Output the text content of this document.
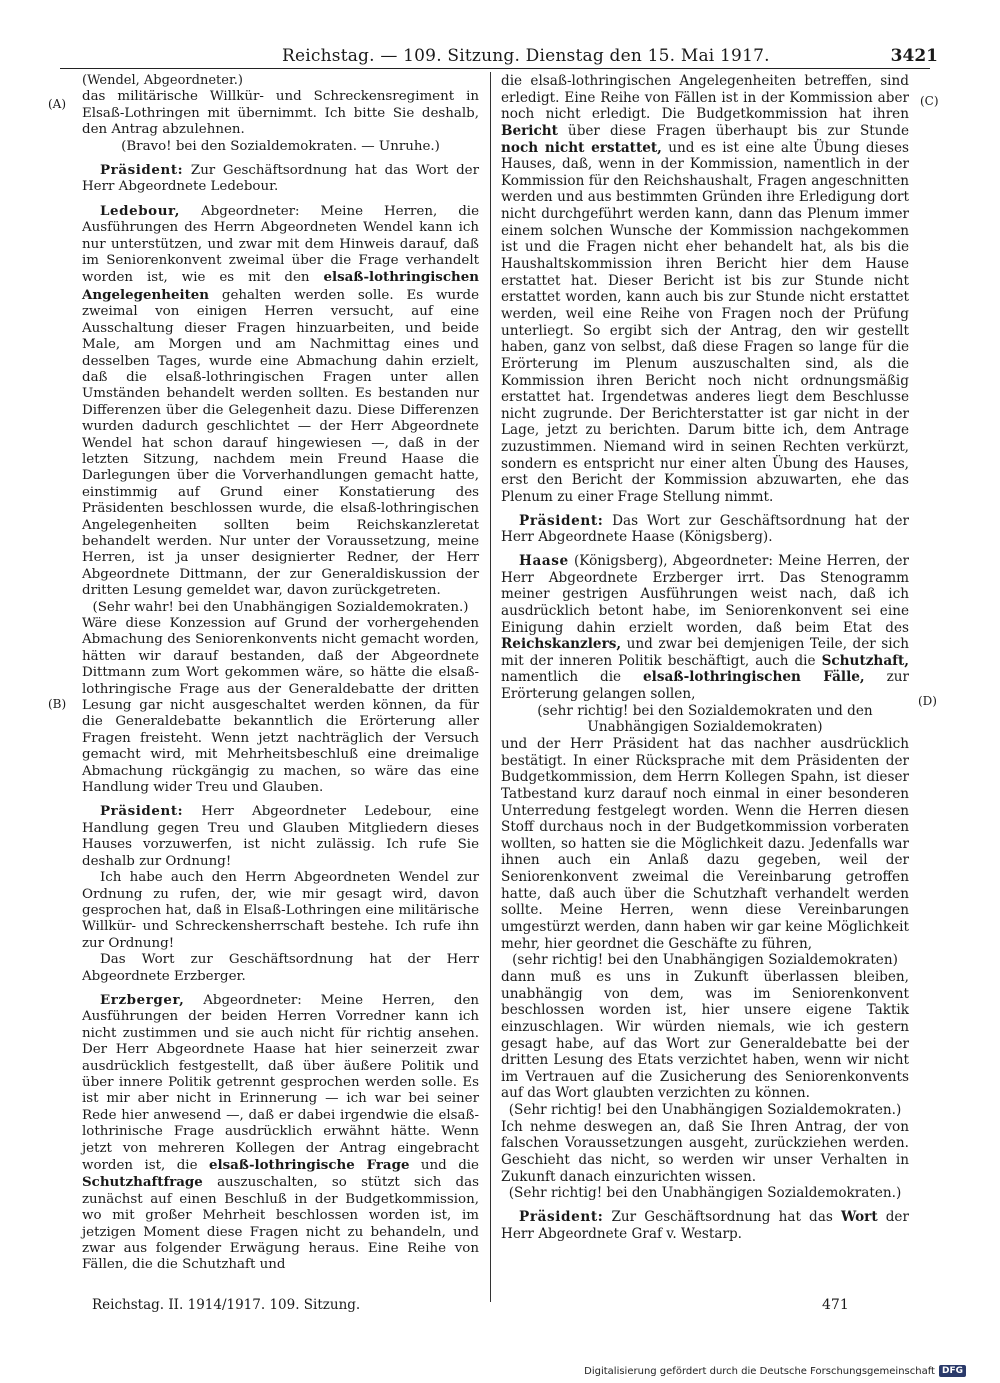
Reichstag. — 109. Sitzung. Dienstag den 15. Mai 1917.	3421
(A)
(B)
(C)
(D)

(Wendel, Abgeordneter.)

das militärische Willkür- und Schreckensregiment in Elsaß-Lothringen mit übernimmt. Ich bitte Sie deshalb, den Antrag abzulehnen.

(Bravo! bei den Sozialdemokraten. — Unruhe.)

Präsident: Zur Geschäftsordnung hat das Wort der Herr Abgeordnete Ledebour.

Ledebour, Abgeordneter: Meine Herren, die Ausführungen des Herrn Abgeordneten Wendel kann ich nur unterstützen, und zwar mit dem Hinweis darauf, daß im Seniorenkonvent zweimal über die Frage verhandelt worden ist, wie es mit den elsaß-lothringischen Angelegenheiten gehalten werden solle. Es wurde zweimal von einigen Herren versucht, auf eine Ausschaltung dieser Fragen hinzuarbeiten, und beide Male, am Morgen und am Nachmittag eines und desselben Tages, wurde eine Abmachung dahin erzielt, daß die elsaß-lothringischen Fragen unter allen Umständen behandelt werden sollten. Es bestanden nur Differenzen über die Gelegenheit dazu. Diese Differenzen wurden dadurch geschlichtet — der Herr Abgeordnete Wendel hat schon darauf hingewiesen —, daß in der letzten Sitzung, nachdem mein Freund Haase die Darlegungen über die Vorverhandlungen gemacht hatte, einstimmig auf Grund einer Konstatierung des Präsidenten beschlossen wurde, die elsaß-lothringischen Angelegenheiten sollten beim Reichskanzleretat behandelt werden. Nur unter der Voraussetzung, meine Herren, ist ja unser designierter Redner, der Herr Abgeordnete Dittmann, der zur Generaldiskussion der dritten Lesung gemeldet war, davon zurückgetreten.

(Sehr wahr! bei den Unabhängigen Sozialdemokraten.)

Wäre diese Konzession auf Grund der vorhergehenden Abmachung des Seniorenkonvents nicht gemacht worden, hätten wir darauf bestanden, daß der Abgeordnete Dittmann zum Wort gekommen wäre, so hätte die elsaß-lothringische Frage aus der Generaldebatte der dritten Lesung gar nicht ausgeschaltet werden können, da für die Generaldebatte bekanntlich die Erörterung aller Fragen freisteht. Wenn jetzt nachträglich der Versuch gemacht wird, mit Mehrheitsbeschluß eine dreimalige Abmachung rückgängig zu machen, so wäre das eine Handlung wider Treu und Glauben.

Präsident: Herr Abgeordneter Ledebour, eine Handlung gegen Treu und Glauben Mitgliedern dieses Hauses vorzuwerfen, ist nicht zulässig. Ich rufe Sie deshalb zur Ordnung!

Ich habe auch den Herrn Abgeordneten Wendel zur Ordnung zu rufen, der, wie mir gesagt wird, davon gesprochen hat, daß in Elsaß-Lothringen eine militärische Willkür- und Schreckensherrschaft bestehe. Ich rufe ihn zur Ordnung!

Das Wort zur Geschäftsordnung hat der Herr Abgeordnete Erzberger.

Erzberger, Abgeordneter: Meine Herren, den Ausführungen der beiden Herren Vorredner kann ich nicht zustimmen und sie auch nicht für richtig ansehen. Der Herr Abgeordnete Haase hat hier seinerzeit zwar ausdrücklich festgestellt, daß über äußere Politik und über innere Politik getrennt gesprochen werden solle. Es ist mir aber nicht in Erinnerung — ich war bei seiner Rede hier anwesend —, daß er dabei irgendwie die elsaß-lothrinische Frage ausdrücklich erwähnt hätte. Wenn jetzt von mehreren Kollegen der Antrag eingebracht worden ist, die elsaß-lothringische Frage und die Schutzhaftfrage auszuschalten, so stützt sich das zunächst auf einen Beschluß in der Budgetkommission, wo mit großer Mehrheit beschlossen worden ist, im jetzigen Moment diese Fragen nicht zu behandeln, und zwar aus folgender Erwägung heraus. Eine Reihe von Fällen, die die Schutzhaft und

die elsaß-lothringischen Angelegenheiten betreffen, sind erledigt. Eine Reihe von Fällen ist in der Kommission aber noch nicht erledigt. Die Budgetkommission hat ihren Bericht über diese Fragen überhaupt bis zur Stunde noch nicht erstattet, und es ist eine alte Übung dieses Hauses, daß, wenn in der Kommission, namentlich in der Kommission für den Reichshaushalt, Fragen angeschnitten werden und aus bestimmten Gründen ihre Erledigung dort nicht durchgeführt werden kann, dann das Plenum immer einem solchen Wunsche der Kommission nachgekommen ist und die Fragen nicht eher behandelt hat, als bis die Haushaltskommission ihren Bericht hier dem Hause erstattet hat. Dieser Bericht ist bis zur Stunde nicht erstattet worden, kann auch bis zur Stunde nicht erstattet werden, weil eine Reihe von Fragen noch der Prüfung unterliegt. So ergibt sich der Antrag, den wir gestellt haben, ganz von selbst, daß diese Fragen so lange für die Erörterung im Plenum auszuschalten sind, als die Kommission ihren Bericht noch nicht ordnungsmäßig erstattet hat. Irgendetwas anderes liegt dem Beschlusse nicht zugrunde. Der Berichterstatter ist gar nicht in der Lage, jetzt zu berichten. Darum bitte ich, dem Antrage zuzustimmen. Niemand wird in seinen Rechten verkürzt, sondern es entspricht nur einer alten Übung des Hauses, erst den Bericht der Kommission abzuwarten, ehe das Plenum zu einer Frage Stellung nimmt.

Präsident: Das Wort zur Geschäftsordnung hat der Herr Abgeordnete Haase (Königsberg).

Haase (Königsberg), Abgeordneter: Meine Herren, der Herr Abgeordnete Erzberger irrt. Das Stenogramm meiner gestrigen Ausführungen weist nach, daß ich ausdrücklich betont habe, im Seniorenkonvent sei eine Einigung dahin erzielt worden, daß beim Etat des Reichskanzlers, und zwar bei demjenigen Teile, der sich mit der inneren Politik beschäftigt, auch die Schutzhaft, namentlich die elsaß-lothringischen Fälle, zur Erörterung gelangen sollen,

(sehr richtig! bei den Sozialdemokraten und den Unabhängigen Sozialdemokraten)

und der Herr Präsident hat das nachher ausdrücklich bestätigt. In einer Rücksprache mit dem Präsidenten der Budgetkommission, dem Herrn Kollegen Spahn, ist dieser Tatbestand kurz darauf noch einmal in einer besonderen Unterredung festgelegt worden. Wenn die Herren diesen Stoff durchaus noch in der Budgetkommission vorberaten wollten, so hatten sie die Möglichkeit dazu. Jedenfalls war ihnen auch ein Anlaß dazu gegeben, weil der Seniorenkonvent zweimal die Vereinbarung getroffen hatte, daß auch über die Schutzhaft verhandelt werden sollte. Meine Herren, wenn diese Vereinbarungen umgestürzt werden, dann haben wir gar keine Möglichkeit mehr, hier geordnet die Geschäfte zu führen,

(sehr richtig! bei den Unabhängigen Sozialdemokraten)

dann muß es uns in Zukunft überlassen bleiben, unabhängig von dem, was im Seniorenkonvent beschlossen worden ist, hier unsere eigene Taktik einzuschlagen. Wir würden niemals, wie ich gestern gesagt habe, auf das Wort zur Generaldebatte bei der dritten Lesung des Etats verzichtet haben, wenn wir nicht im Vertrauen auf die Zusicherung des Seniorenkonvents auf das Wort glaubten verzichten zu können.

(Sehr richtig! bei den Unabhängigen Sozialdemokraten.)

Ich nehme deswegen an, daß Sie Ihren Antrag, der von falschen Voraussetzungen ausgeht, zurückziehen werden. Geschieht das nicht, so werden wir unser Verhalten in Zukunft danach einzurichten wissen.

(Sehr richtig! bei den Unabhängigen Sozialdemokraten.)

Präsident: Zur Geschäftsordnung hat das Wort der Herr Abgeordnete Graf v. Westarp.

Reichstag. II. 1914/1917. 109. Sitzung.	471
Digitalisierung gefördert durch die Deutsche Forschungsgemeinschaft DFG
